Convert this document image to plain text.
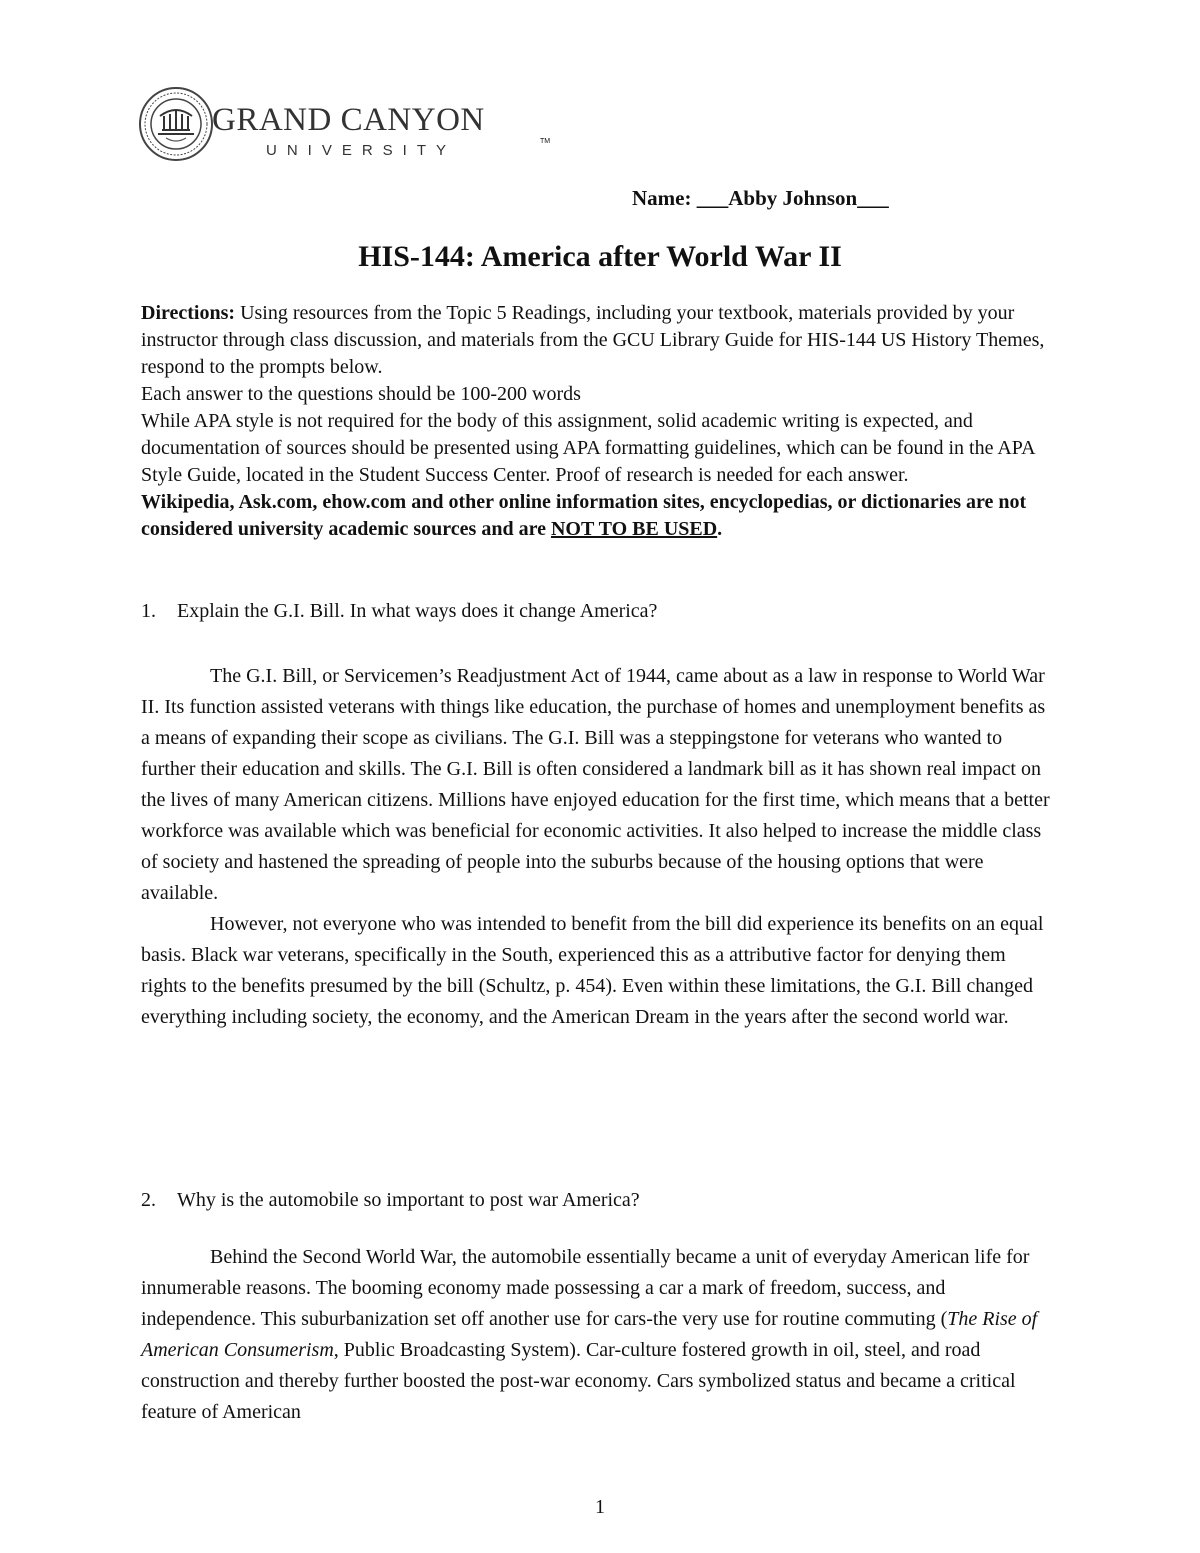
GRAND CANYON
UNIVERSITY
TM
Name: ___Abby Johnson___
HIS-144: America after World War II

Directions: Using resources from the Topic 5 Readings, including your textbook, materials provided by your instructor through class discussion, and materials from the GCU Library Guide for HIS-144 US History Themes, respond to the prompts below.

Each answer to the questions should be 100-200 words

While APA style is not required for the body of this assignment, solid academic writing is expected, and documentation of sources should be presented using APA formatting guidelines, which can be found in the APA Style Guide, located in the Student Success Center. Proof of research is needed for each answer.

Wikipedia, Ask.com, ehow.com and other online information sites, encyclopedias, or dictionaries are not considered university academic sources and are NOT TO BE USED.

1. Explain the G.I. Bill. In what ways does it change America?

The G.I. Bill, or Servicemen’s Readjustment Act of 1944, came about as a law in response to World War II. Its function assisted veterans with things like education, the purchase of homes and unemployment benefits as a means of expanding their scope as civilians. The G.I. Bill was a steppingstone for veterans who wanted to further their education and skills. The G.I. Bill is often considered a landmark bill as it has shown real impact on the lives of many American citizens. Millions have enjoyed education for the first time, which means that a better workforce was available which was beneficial for economic activities. It also helped to increase the middle class of society and hastened the spreading of people into the suburbs because of the housing options that were available.

However, not everyone who was intended to benefit from the bill did experience its benefits on an equal basis. Black war veterans, specifically in the South, experienced this as a attributive factor for denying them rights to the benefits presumed by the bill (Schultz, p. 454). Even within these limitations, the G.I. Bill changed everything including society, the economy, and the American Dream in the years after the second world war.

2. Why is the automobile so important to post war America?

Behind the Second World War, the automobile essentially became a unit of everyday American life for innumerable reasons. The booming economy made possessing a car a mark of freedom, success, and independence. This suburbanization set off another use for cars-the very use for routine commuting (The Rise of American Consumerism, Public Broadcasting System). Car-culture fostered growth in oil, steel, and road construction and thereby further boosted the post-war economy. Cars symbolized status and became a critical feature of American

1
